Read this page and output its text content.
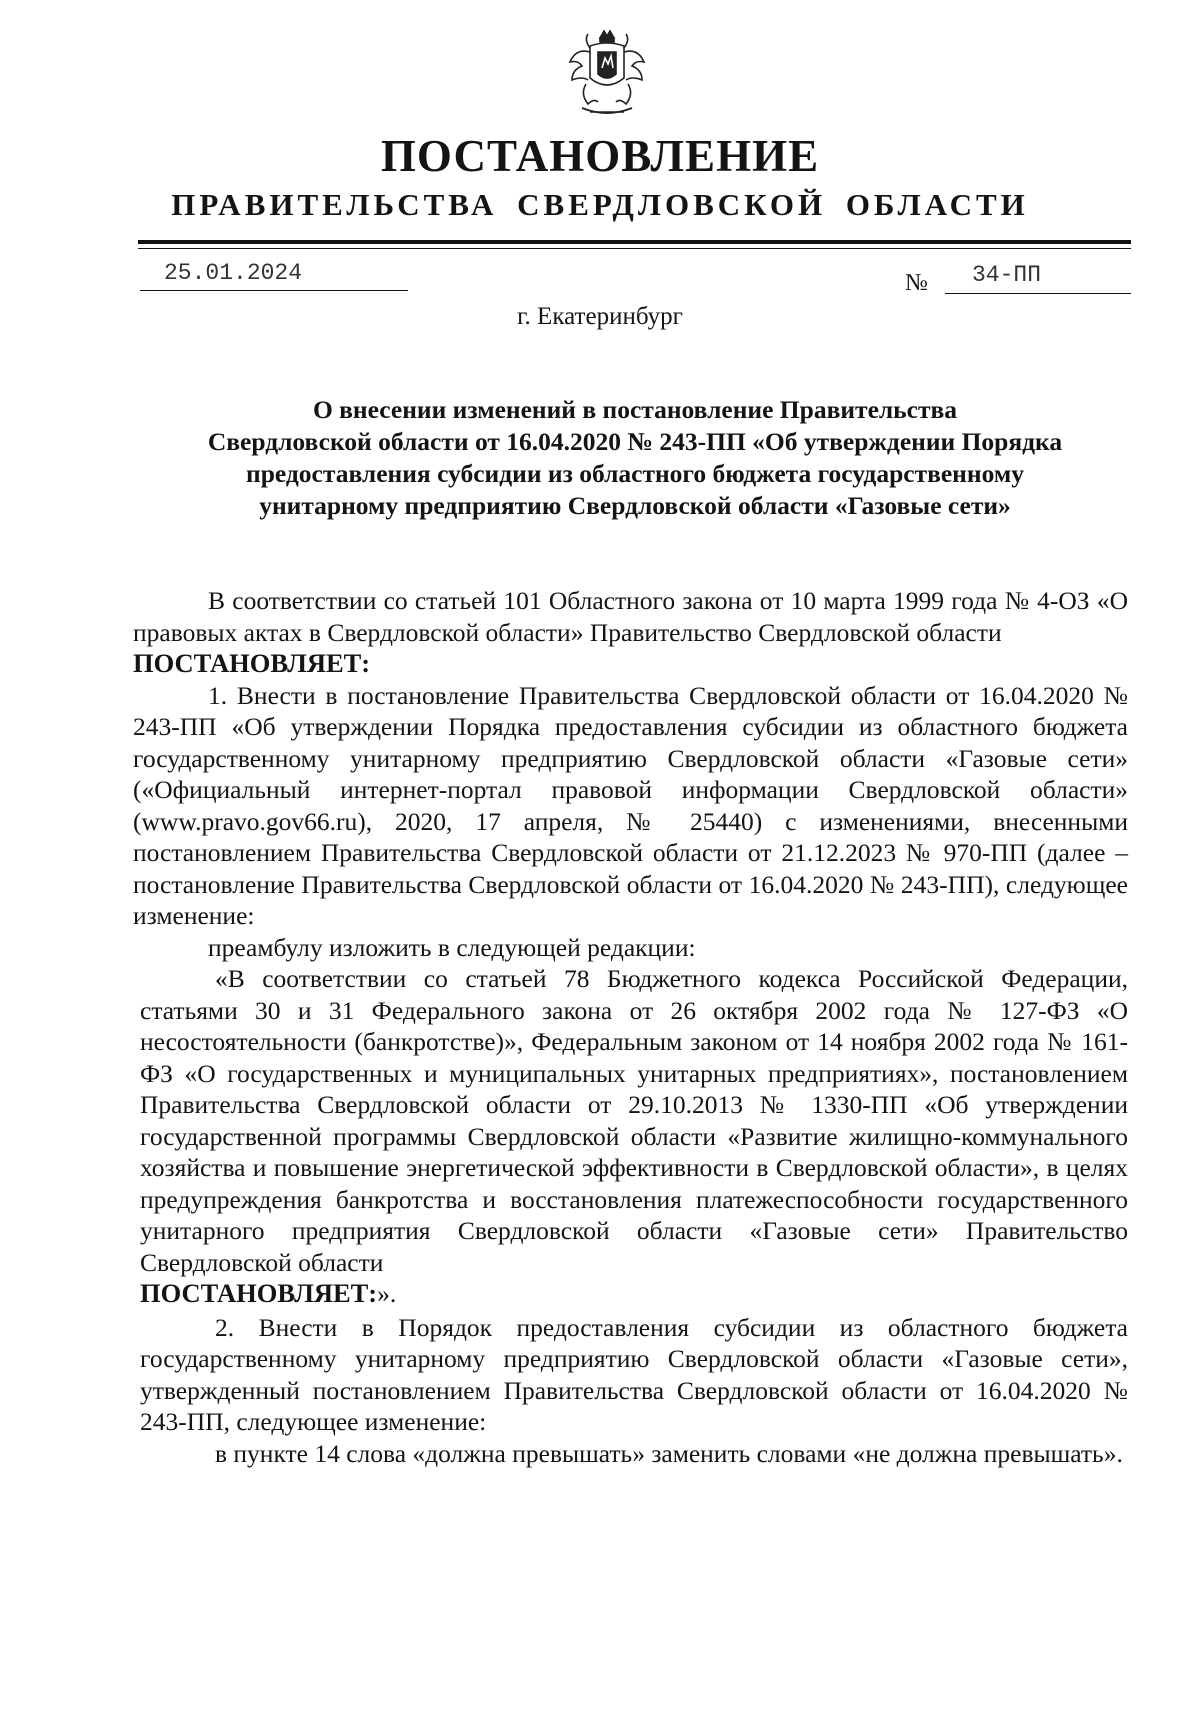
ПОСТАНОВЛЕНИЕ
ПРАВИТЕЛЬСТВА СВЕРДЛОВСКОЙ ОБЛАСТИ
25.01.2024	№ 34-ПП
г. Екатеринбург
О внесении изменений в постановление Правительства
Свердловской области от 16.04.2020 № 243-ПП «Об утверждении Порядка
предоставления субсидии из областного бюджета государственному
унитарному предприятию Свердловской области «Газовые сети»

В соответствии со статьей 101 Областного закона от 10 марта 1999 года № 4-ОЗ «О правовых актах в Свердловской области» Правительство Свердловской области

ПОСТАНОВЛЯЕТ:

1. Внести в постановление Правительства Свердловской области от 16.04.2020 № 243-ПП «Об утверждении Порядка предоставления субсидии из областного бюджета государственному унитарному предприятию Свердловской области «Газовые сети» («Официальный интернет-портал правовой информации Свердловской области» (www.pravo.gov66.ru), 2020, 17 апреля, № 25440) с изменениями, внесенными постановлением Правительства Свердловской области от 21.12.2023 № 970-ПП (далее – постановление Правительства Свердловской области от 16.04.2020 № 243-ПП), следующее изменение:

преамбулу изложить в следующей редакции:

«В соответствии со статьей 78 Бюджетного кодекса Российской Федерации, статьями 30 и 31 Федерального закона от 26 октября 2002 года № 127-ФЗ «О несостоятельности (банкротстве)», Федеральным законом от 14 ноября 2002 года № 161-ФЗ «О государственных и муниципальных унитарных предприятиях», постановлением Правительства Свердловской области от 29.10.2013 № 1330-ПП «Об утверждении государственной программы Свердловской области «Развитие жилищно-коммунального хозяйства и повышение энергетической эффективности в Свердловской области», в целях предупреждения банкротства и восстановления платежеспособности государственного унитарного предприятия Свердловской области «Газовые сети» Правительство Свердловской области

ПОСТАНОВЛЯЕТ:».

2. Внести в Порядок предоставления субсидии из областного бюджета государственному унитарному предприятию Свердловской области «Газовые сети», утвержденный постановлением Правительства Свердловской области от 16.04.2020 № 243-ПП, следующее изменение:

в пункте 14 слова «должна превышать» заменить словами «не должна превышать».
